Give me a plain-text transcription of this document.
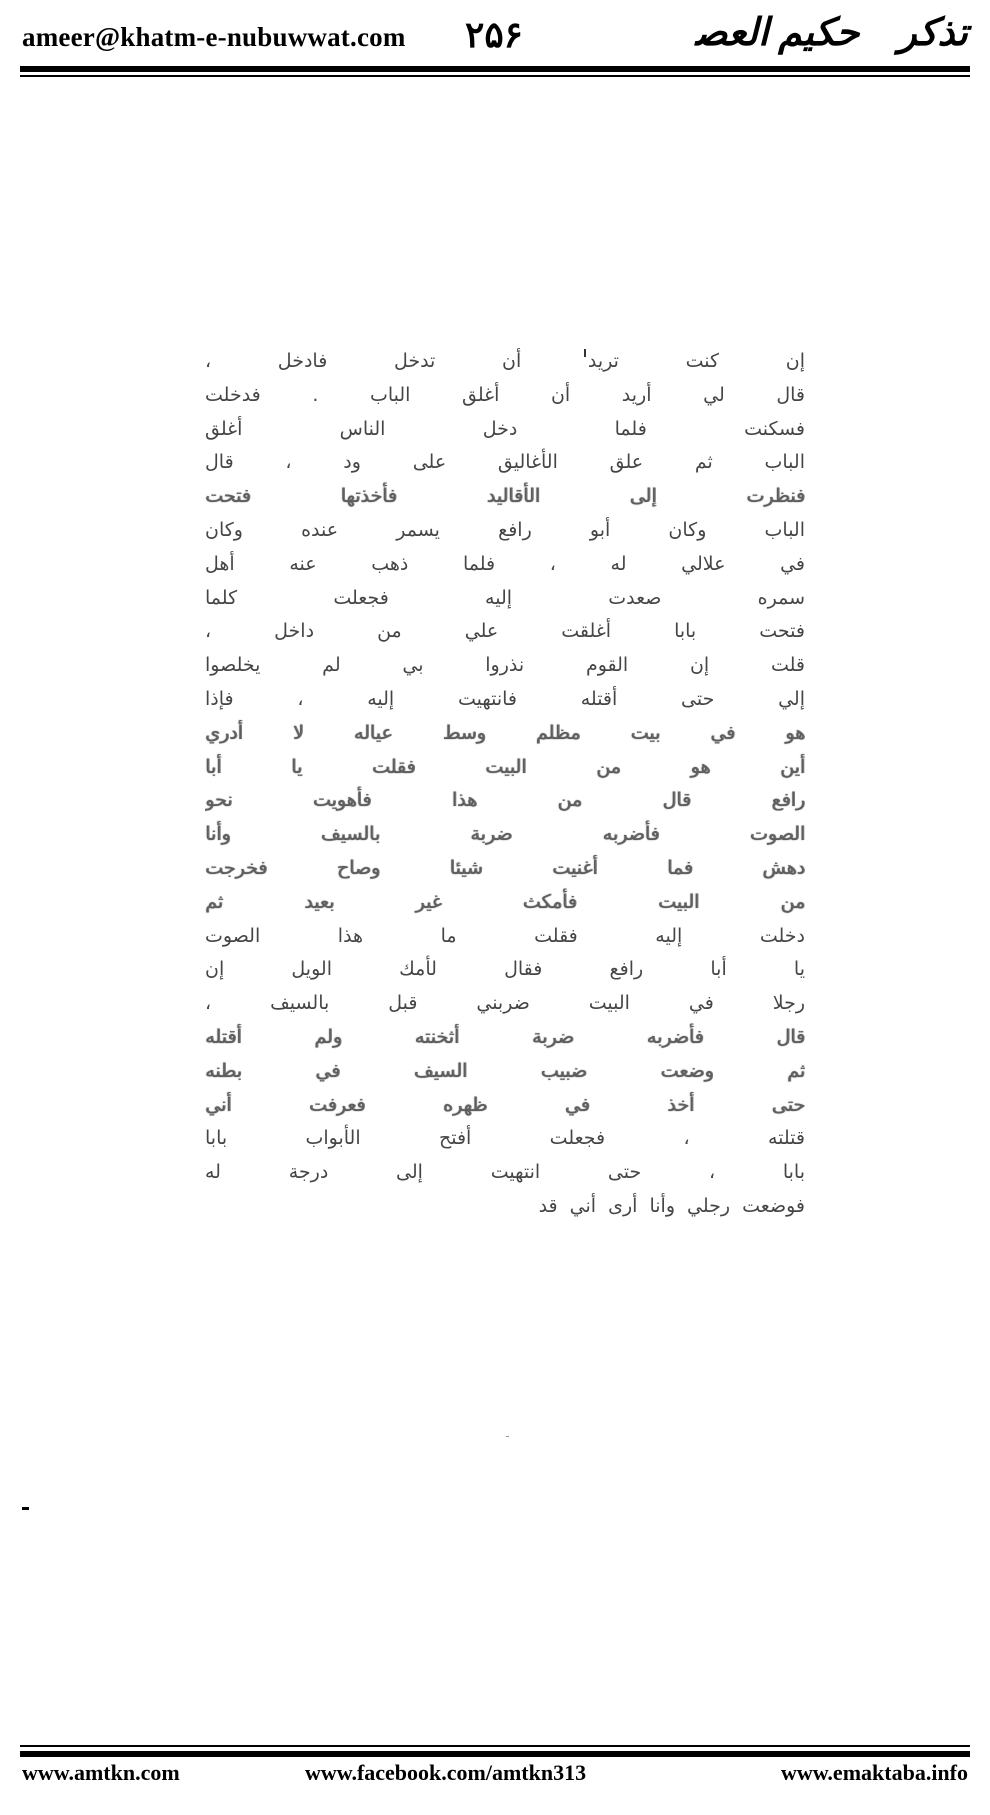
ameer@khatm-e-nubuwwat.com ۲۵۶	تذکرہ حکیم العصرؒ
إن كنت تريد أن تدخل فادخل ،
قال لي أريد أن أغلق الباب . فدخلت
فسكنت فلما دخل الناس أغلق
الباب ثم علق الأغاليق على ود ، قال
فنظرت إلى الأقاليد فأخذتها فتحت
الباب وكان أبو رافع يسمر عنده وكان
في علالي له ، فلما ذهب عنه أهل
سمره صعدت إليه فجعلت كلما
فتحت بابا أغلقت علي من داخل ،
قلت إن القوم نذروا بي لم يخلصوا
إلي حتى أقتله فانتهيت إليه ، فإذا
هو في بيت مظلم وسط عياله لا أدري
أين هو من البيت فقلت يا أبا
رافع قال من هذا فأهويت نحو
الصوت فأضربه ضربة بالسيف وأنا
دهش فما أغنيت شيئا وصاح فخرجت
من البيت فأمكث غير بعيد ثم
دخلت إليه فقلت ما هذا الصوت
يا أبا رافع فقال لأمك الويل إن
رجلا في البيت ضربني قبل بالسيف ،
قال فأضربه ضربة أثخنته ولم أقتله
ثم وضعت ضبيب السيف في بطنه
حتى أخذ في ظهره فعرفت أني
قتلته ، فجعلت أفتح الأبواب بابا
بابا ، حتى انتهيت إلى درجة له
فوضعت رجلي وأنا أرى أني قد
www.amtkn.com	www.facebook.com/amtkn313	www.emaktaba.info
